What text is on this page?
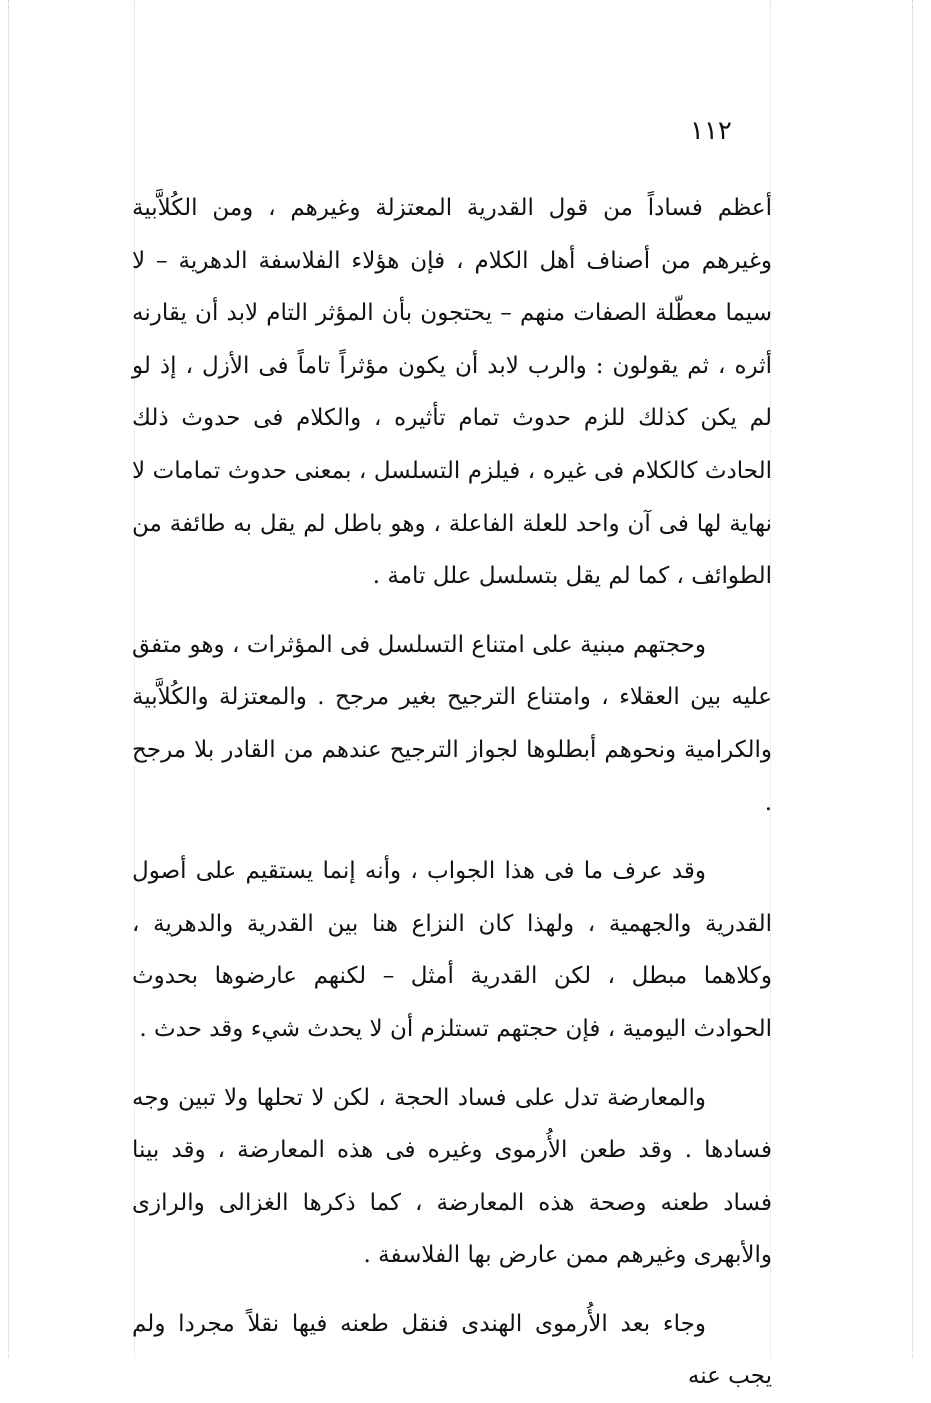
١١٢

أعظم فساداً من قول القدرية المعتزلة وغيرهم ، ومن الكُلاَّبية وغيرهم من أصناف أهل الكلام ، فإن هؤلاء الفلاسفة الدهرية – لا سيما معطّلة الصفات منهم – يحتجون بأن المؤثر التام لابد أن يقارنه أثره ، ثم يقولون : والرب لابد أن يكون مؤثراً تاماً فى الأزل ، إذ لو لم يكن كذلك للزم حدوث تمام تأثيره ، والكلام فى حدوث ذلك الحادث كالكلام فى غيره ، فيلزم التسلسل ، بمعنى حدوث تمامات لا نهاية لها فى آن واحد للعلة الفاعلة ، وهو باطل لم يقل به طائفة من الطوائف ، كما لم يقل بتسلسل علل تامة .

وحجتهم مبنية على امتناع التسلسل فى المؤثرات ، وهو متفق عليه بين العقلاء ، وامتناع الترجيح بغير مرجح . والمعتزلة والكُلاَّبية والكرامية ونحوهم أبطلوها لجواز الترجيح عندهم من القادر بلا مرجح .

وقد عرف ما فى هذا الجواب ، وأنه إنما يستقيم على أصول القدرية والجهمية ، ولهذا كان النزاع هنا بين القدرية والدهرية ، وكلاهما مبطل ، لكن القدرية أمثل – لكنهم عارضوها بحدوث الحوادث اليومية ، فإن حجتهم تستلزم أن لا يحدث شيء وقد حدث .

والمعارضة تدل على فساد الحجة ، لكن لا تحلها ولا تبين وجه فسادها . وقد طعن الأُرموى وغيره فى هذه المعارضة ، وقد بينا فساد طعنه وصحة هذه المعارضة ، كما ذكرها الغزالى والرازى والأبهرى وغيرهم ممن عارض بها الفلاسفة .

وجاء بعد الأُرموى الهندى فنقل طعنه فيها نقلاً مجردا ولم يجب عنه
